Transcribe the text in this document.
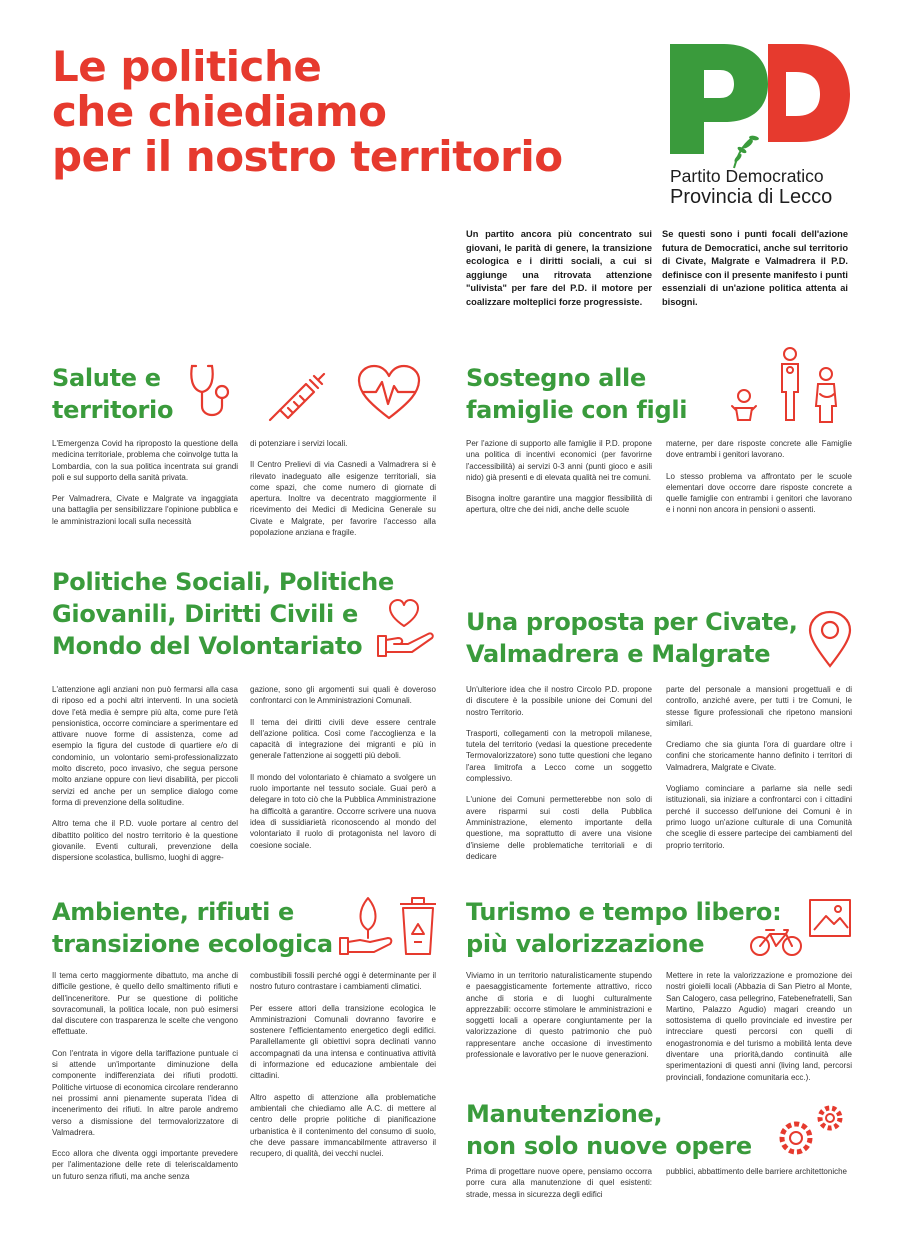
Le politiche
che chiediamo
per il nostro territorio	Partito Democratico
Provincia di Lecco
Un partito ancora più concentrato sui giovani, le parità di genere, la transizione ecologica e i diritti sociali, a cui si aggiunge una ritrovata attenzione "ulivista" per fare del P.D. il motore per coalizzare molteplici forze progressiste.
Se questi sono i punti focali dell'azione futura de Democratici, anche sul territorio di Civate, Malgrate e Valmadrera il P.D. definisce con il presente manifesto i punti essenziali di un'azione politica attenta ai bisogni.
Salute e
territorio

L'Emergenza Covid ha riproposto la questione della medicina territoriale, problema che coinvolge tutta la Lombardia, con la sua politica incentrata sui grandi poli e sul supporto della sanità privata.

Per Valmadrera, Civate e Malgrate va ingaggiata una battaglia per sensibilizzare l'opinione pubblica e le amministrazioni locali sulla necessità

di potenziare i servizi locali.

Il Centro Prelievi di via Casnedi a Valmadrera si è rilevato inadeguato alle esigenze territoriali, sia come spazi, che come numero di giornate di apertura. Inoltre va decentrato maggiormente il ricevimento dei Medici di Medicina Generale su Civate e Malgrate, per favorire l'accesso alla popolazione anziana e fragile.

Sostegno alle
famiglie con figli

Per l'azione di supporto alle famiglie il P.D. propone una politica di incentivi economici (per favorirne l'accessibilità) ai servizi 0-3 anni (punti gioco e asili nido) già presenti e di elevata qualità nei tre comuni.

Bisogna inoltre garantire una maggior flessibilità di apertura, oltre che dei nidi, anche delle scuole

materne, per dare risposte concrete alle Famiglie dove entrambi i genitori lavorano.

Lo stesso problema va affrontato per le scuole elementari dove occorre dare risposte concrete a quelle famiglie con entrambi i genitori che lavorano e i nonni non ancora in pensioni o assenti.

Politiche Sociali, Politiche
Giovanili, Diritti Civili e
Mondo del Volontariato

L'attenzione agli anziani non può fermarsi alla casa di riposo ed a pochi altri interventi. In una società dove l'età media è sempre più alta, come pure l'età pensionistica, occorre cominciare a sperimentare ed attivare nuove forme di assistenza, come ad esempio la figura del custode di quartiere e/o di condominio, un volontario semi-professionalizzato molto discreto, poco invasivo, che segua persone molto anziane oppure con lievi disabilità, per piccoli servizi ed anche per un semplice dialogo come forma di prevenzione della solitudine.

Altro tema che il P.D. vuole portare al centro del dibattito politico del nostro territorio è la questione giovanile. Eventi culturali, prevenzione della dispersione scolastica, bullismo, luoghi di aggre-

gazione, sono gli argomenti sui quali è doveroso confrontarci con le Amministrazioni Comunali.

Il tema dei diritti civili deve essere centrale dell'azione politica. Così come l'accoglienza e la capacità di integrazione dei migranti e più in generale l'attenzione ai soggetti più deboli.

Il mondo del volontariato è chiamato a svolgere un ruolo importante nel tessuto sociale. Guai però a delegare in toto ciò che la Pubblica Amministrazione ha difficoltà a garantire. Occorre scrivere una nuova idea di sussidiarietà riconoscendo al mondo del volontariato il ruolo di protagonista nel lavoro di coesione sociale.

Una proposta per Civate,
Valmadrera e Malgrate

Un'ulteriore idea che il nostro Circolo P.D. propone di discutere è la possibile unione dei Comuni del nostro Territorio.

Trasporti, collegamenti con la metropoli milanese, tutela del territorio (vedasi la questione precedente Termovalorizzatore) sono tutte questioni che legano l'area limitrofa a Lecco come un soggetto complessivo.

L'unione dei Comuni permetterebbe non solo di avere risparmi sui costi della Pubblica Amministrazione, elemento importante della questione, ma soprattutto di avere una visione d'insieme delle problematiche territoriali e di dedicare

parte del personale a mansioni progettuali e di controllo, anziché avere, per tutti i tre Comuni, le stesse figure professionali che ripetono mansioni similari.

Crediamo che sia giunta l'ora di guardare oltre i confini che storicamente hanno definito i territori di Valmadrera, Malgrate e Civate.

Vogliamo cominciare a parlarne sia nelle sedi istituzionali, sia iniziare a confrontarci con i cittadini perché il successo dell'unione dei Comuni è in primo luogo un'azione culturale di una Comunità che sceglie di essere partecipe dei cambiamenti del proprio territorio.

Ambiente, rifiuti e
transizione ecologica

Il tema certo maggiormente dibattuto, ma anche di difficile gestione, è quello dello smaltimento rifiuti e dell'inceneritore. Pur se questione di politiche sovracomunali, la politica locale, non può esimersi dal discutere con trasparenza le scelte che vengono effettuate.

Con l'entrata in vigore della tariffazione puntuale ci si attende un'importante diminuzione della componente indifferenziata dei rifiuti prodotti. Politiche virtuose di economica circolare renderanno nei prossimi anni pienamente superata l'idea di incenerimento dei rifiuti. In altre parole andremo verso a dismissione del termovalorizzatore di Valmadrera.

Ecco allora che diventa oggi importante prevedere per l'alimentazione delle rete di teleriscaldamento un futuro senza rifiuti, ma anche senza

combustibili fossili perché oggi è determinante per il nostro futuro contrastare i cambiamenti climatici.

Per essere attori della transizione ecologica le Amministrazioni Comunali dovranno favorire e sostenere l'efficientamento energetico degli edifici. Parallellamente gli obiettivi sopra declinati vanno accompagnati da una intensa e continuativa attività di informazione ed educazione ambientale dei cittadini.

Altro aspetto di attenzione alla problematiche ambientali che chiediamo alle A.C. di mettere al centro delle proprie politiche di pianificazione urbanistica è il contenimento del consumo di suolo, che deve passare immancabilmente attraverso il recupero, di qualità, dei vecchi nuclei.

Turismo e tempo libero:
più valorizzazione

Viviamo in un territorio naturalisticamente stupendo e paesaggisticamente fortemente attrattivo, ricco anche di storia e di luoghi culturalmente apprezzabili: occorre stimolare le amministrazioni e soggetti locali a operare congiuntamente per la valorizzazione di questo patrimonio che può rappresentare anche occasione di investimento professionale e lavorativo per le nuove generazioni.

Mettere in rete la valorizzazione e promozione dei nostri gioielli locali (Abbazia di San Pietro al Monte, San Calogero, casa pellegrino, Fatebenefratelli, San Martino, Palazzo Agudio) magari creando un sottosistema di quello provinciale ed investire per intrecciare questi percorsi con quelli di enogastronomia e del turismo a mobilità lenta deve diventare una priorità,dando continuità alle sperimentazioni di questi anni (living land, percorsi provinciali, fondazione comunitaria ecc.).

Manutenzione,
non solo nuove opere

Prima di progettare nuove opere, pensiamo occorra porre cura alla manutenzione di quel esistenti: strade, messa in sicurezza degli edifici

pubblici, abbattimento delle barriere architettoniche
